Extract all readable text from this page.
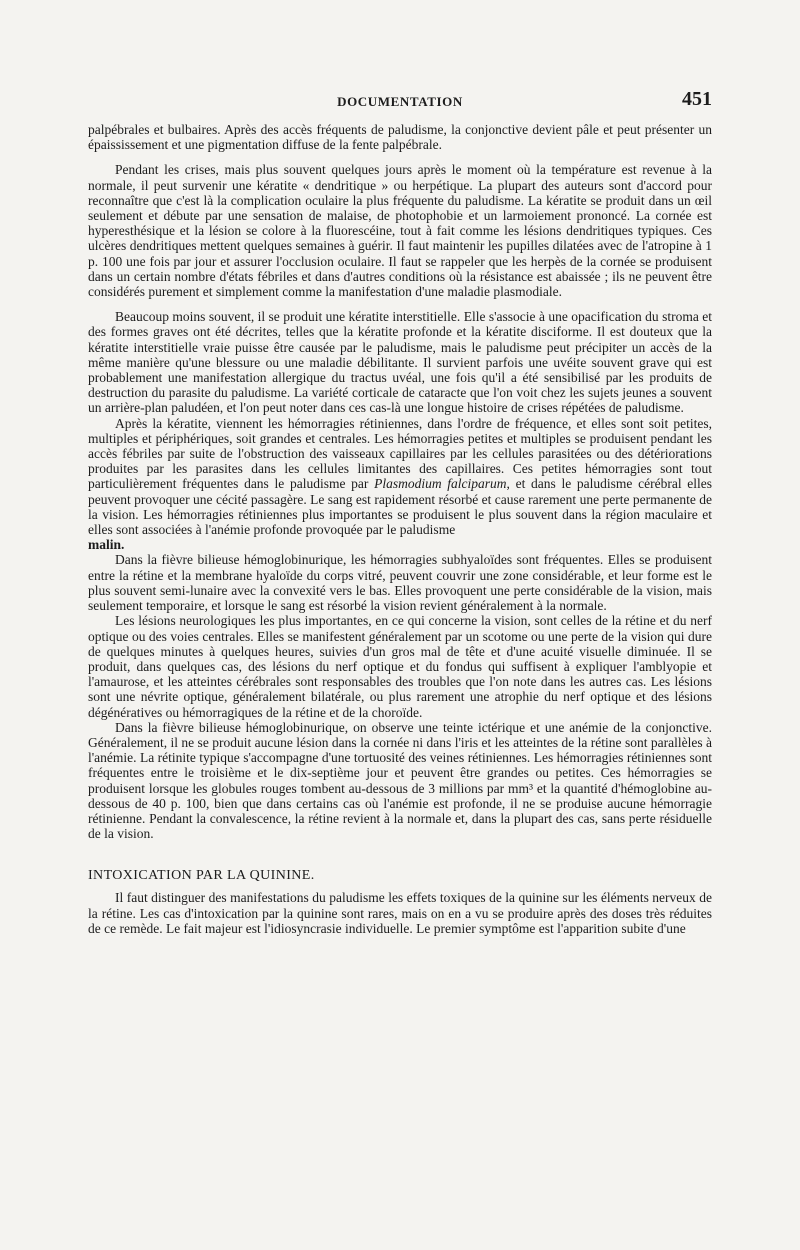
DOCUMENTATION	451

palpébrales et bulbaires. Après des accès fréquents de paludisme, la conjonctive devient pâle et peut présenter un épaississement et une pigmentation diffuse de la fente palpébrale.

Pendant les crises, mais plus souvent quelques jours après le moment où la température est revenue à la normale, il peut survenir une kératite « dendritique » ou herpétique. La plupart des auteurs sont d'accord pour reconnaître que c'est là la complication oculaire la plus fréquente du paludisme. La kératite se produit dans un œil seulement et débute par une sensation de malaise, de photophobie et un larmoiement prononcé. La cornée est hyperesthésique et la lésion se colore à la fluorescéine, tout à fait comme les lésions dendritiques typiques. Ces ulcères dendritiques mettent quelques semaines à guérir. Il faut maintenir les pupilles dilatées avec de l'atropine à 1 p. 100 une fois par jour et assurer l'occlusion oculaire. Il faut se rappeler que les herpès de la cornée se produisent dans un certain nombre d'états fébriles et dans d'autres conditions où la résistance est abaissée ; ils ne peuvent être considérés purement et simplement comme la manifestation d'une maladie plasmodiale.

Beaucoup moins souvent, il se produit une kératite interstitielle. Elle s'associe à une opacification du stroma et des formes graves ont été décrites, telles que la kératite profonde et la kératite disciforme. Il est douteux que la kératite interstitielle vraie puisse être causée par le paludisme, mais le paludisme peut précipiter un accès de la même manière qu'une blessure ou une maladie débilitante. Il survient parfois une uvéite souvent grave qui est probablement une manifestation allergique du tractus uvéal, une fois qu'il a été sensibilisé par les produits de destruction du parasite du paludisme. La variété corticale de cataracte que l'on voit chez les sujets jeunes a souvent un arrière-plan paludéen, et l'on peut noter dans ces cas-là une longue histoire de crises répétées de paludisme.

Après la kératite, viennent les hémorragies rétiniennes, dans l'ordre de fréquence, et elles sont soit petites, multiples et périphériques, soit grandes et centrales. Les hémorragies petites et multiples se produisent pendant les accès fébriles par suite de l'obstruction des vaisseaux capillaires par les cellules parasitées ou des détériorations produites par les parasites dans les cellules limitantes des capillaires. Ces petites hémorragies sont tout particulièrement fréquentes dans le paludisme par Plasmodium falciparum, et dans le paludisme cérébral elles peuvent provoquer une cécité passagère. Le sang est rapidement résorbé et cause rarement une perte permanente de la vision. Les hémorragies rétiniennes plus importantes se produisent le plus souvent dans la région maculaire et elles sont associées à l'anémie profonde provoquée par le paludisme

malin.

Dans la fièvre bilieuse hémoglobinurique, les hémorragies subhyaloïdes sont fréquentes. Elles se produisent entre la rétine et la membrane hyaloïde du corps vitré, peuvent couvrir une zone considérable, et leur forme est le plus souvent semi-lunaire avec la convexité vers le bas. Elles provoquent une perte considérable de la vision, mais seulement temporaire, et lorsque le sang est résorbé la vision revient généralement à la normale.

Les lésions neurologiques les plus importantes, en ce qui concerne la vision, sont celles de la rétine et du nerf optique ou des voies centrales. Elles se manifestent généralement par un scotome ou une perte de la vision qui dure de quelques minutes à quelques heures, suivies d'un gros mal de tête et d'une acuité visuelle diminuée. Il se produit, dans quelques cas, des lésions du nerf optique et du fondus qui suffisent à expliquer l'amblyopie et l'amaurose, et les atteintes cérébrales sont responsables des troubles que l'on note dans les autres cas. Les lésions sont une névrite optique, généralement bilatérale, ou plus rarement une atrophie du nerf optique et des lésions dégénératives ou hémorragiques de la rétine et de la choroïde.

Dans la fièvre bilieuse hémoglobinurique, on observe une teinte ictérique et une anémie de la conjonctive. Généralement, il ne se produit aucune lésion dans la cornée ni dans l'iris et les atteintes de la rétine sont parallèles à l'anémie. La rétinite typique s'accompagne d'une tortuosité des veines rétiniennes. Les hémorragies rétiniennes sont fréquentes entre le troisième et le dix-septième jour et peuvent être grandes ou petites. Ces hémorragies se produisent lorsque les globules rouges tombent au-dessous de 3 millions par mm³ et la quantité d'hémoglobine au-dessous de 40 p. 100, bien que dans certains cas où l'anémie est profonde, il ne se produise aucune hémorragie rétinienne. Pendant la convalescence, la rétine revient à la normale et, dans la plupart des cas, sans perte résiduelle de la vision.

INTOXICATION PAR LA QUININE.

Il faut distinguer des manifestations du paludisme les effets toxiques de la quinine sur les éléments nerveux de la rétine. Les cas d'intoxication par la quinine sont rares, mais on en a vu se produire après des doses très réduites de ce remède. Le fait majeur est l'idiosyncrasie individuelle. Le premier symptôme est l'apparition subite d'une
